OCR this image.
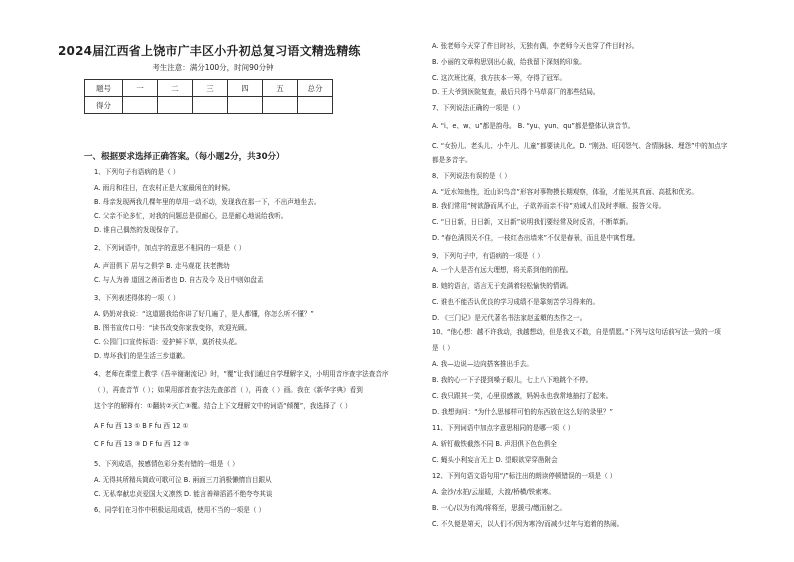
2024届江西省上饶市广丰区小升初总复习语文精选精练
考生注意：满分100分，时间90分钟
题号	一	二	三	四	五	总分
得分						
一、根据要求选择正确答案。（每小题2分，共30分）
1、下列句子有语病的是（ ）
A. 雨月和往日，在农村正是大家最闲在的时候。
B. 母亲发现两我几棵年里的草用一动不动，发现我在那一下，不出声地坐去。
C. 父亲不论多忙，对我的问题总是很耐心，总是耐心地说给我听。
D. 谁自己偶然的发现保存了。
2、下列词语中，加点字的意思不相同的一项是（ ）
A. 声泪俱下 居与之俱学 B. 走马观花 扶老携幼
C. 与人为善 道固之善而者也 D. 自古及今 及日中则如盘盂
3、下列表述得体的一项（ ）
A. 奶奶对我说：“这道题我给你讲了好几遍了，是人都懂，你怎么听不懂？”
B. 图书宣传口号：“读书改变你家我变你，欢迎光顾。
C. 公园门口宣传标语：爱护鲜下草，莫折枝头花。
D. 卑坏我们的是生活三步道歉。
4、老师在课堂上教学《吾辛谢谢流记》时，“覆”让我们通过自学理解字义，小明用音序查字法查音序
（ ），再查音节（ ）；如果用部首查字法先查部首（ ），再查（ ）画。我在《新华字典》看到
这个字的解释有：①翻转②灭亡③覆。结合上下文理解文中的词语“倾覆”，我选择了（ ）
A F fu 西 13 ① B F fu 西 12 ①
C F fu 西 13 ③ D F fu 西 12 ③
5、下列成语，按感情色彩分类有错的一组是（ ）
A. 无得其所精兵简政可歌可泣 B. 兩面三刀消极懒惰盲目跟从
C. 无私奉献忠贞爱国大义凛然 D. 能言善辩滔滔不绝夸夸其谈
6、同学们在习作中积极运用成语，使用不当的一项是（ ）
A. 张老师今天穿了件目时衫，无独有偶，李老师今天也穿了件目时衫。
B. 小丽的文章构思别出心裁，给我留下深刻的印象。
C. 这次班比赛，我方扶本一筹，夺得了冠军。
D. 王大爷到医院复查，最后只得个马草喜厂的那些结局。
7、下列说法正确的一项是（ ）
A. “i、e、w、u”都是韵母。 B. “yu、yun、qu”都是整体认读音节。
C. “女扮儿、老头儿、小牛儿、儿童”都要读儿化。D. “刚劲、旺冈怨气、含情脉脉、埋怨”中的加点字
都是多音字。
8、下列说法有误的是（ ）
A. “近水知鱼性，近山识鸟音”形容对事物摸长期观察，体验，才能见其真面、高抵和优劣。
B. 我们常用“树欲静而风不止，子欲养而亲不待”劝诫人们及时孝顺、报答父母。
C. “日日新，日日新，又日新”说明我们要经常及时反省，不断革新。
D. “春色满园关不住，一枝红杏出墙来”不仅是春景，而且是中寓哲理。
9、下列句子中，有语病的一项是（ ）
A. 一个人是否有远大理想，将关系到他的前程。
B. 她的语言，语言无于充满着轻松愉快的情调。
C. 谁也不能否认优良的学习成绩不是靠刻苦学习得来的。
D. 《三门记》是元代著名书法家赵孟頫的杰作之一。
10、“他心想：越不许我动，我越想动，但是我又不敢，自是情愿。”下列与这句话前写法一致的一项
是（ ）
A. 我—边说—边向搭客推出手去。
B. 我的心一下子提到嗓子眼儿，七上八下地跳个不停。
C. 我只跟其一笑，心里很感激，妈妈永也我常地抽打了起来。
D. 我想询问：“为什么思郁样可怕的东西放在这么好的录里？”
11、下列词语中加点字意思相同的是哪一项（ ）
A. 斩钉截铁截然不同 B. 声泪俱下色色俱全
C. 蝇头小利妄言无上 D. 望眼欲穿穿凿附会
12、下列句语文语句用“/”标注出的朗读停顿错误的一项是（ ）
A. 金沙/水拍/云崖暖，大渡/桥横/铁索寒。
B. 一心/以为有鸿/将将至，思援弓/缴而射之。
C. 不久便是第天，以人们不/因为寒冷/而减少过年与追着的热闹。
